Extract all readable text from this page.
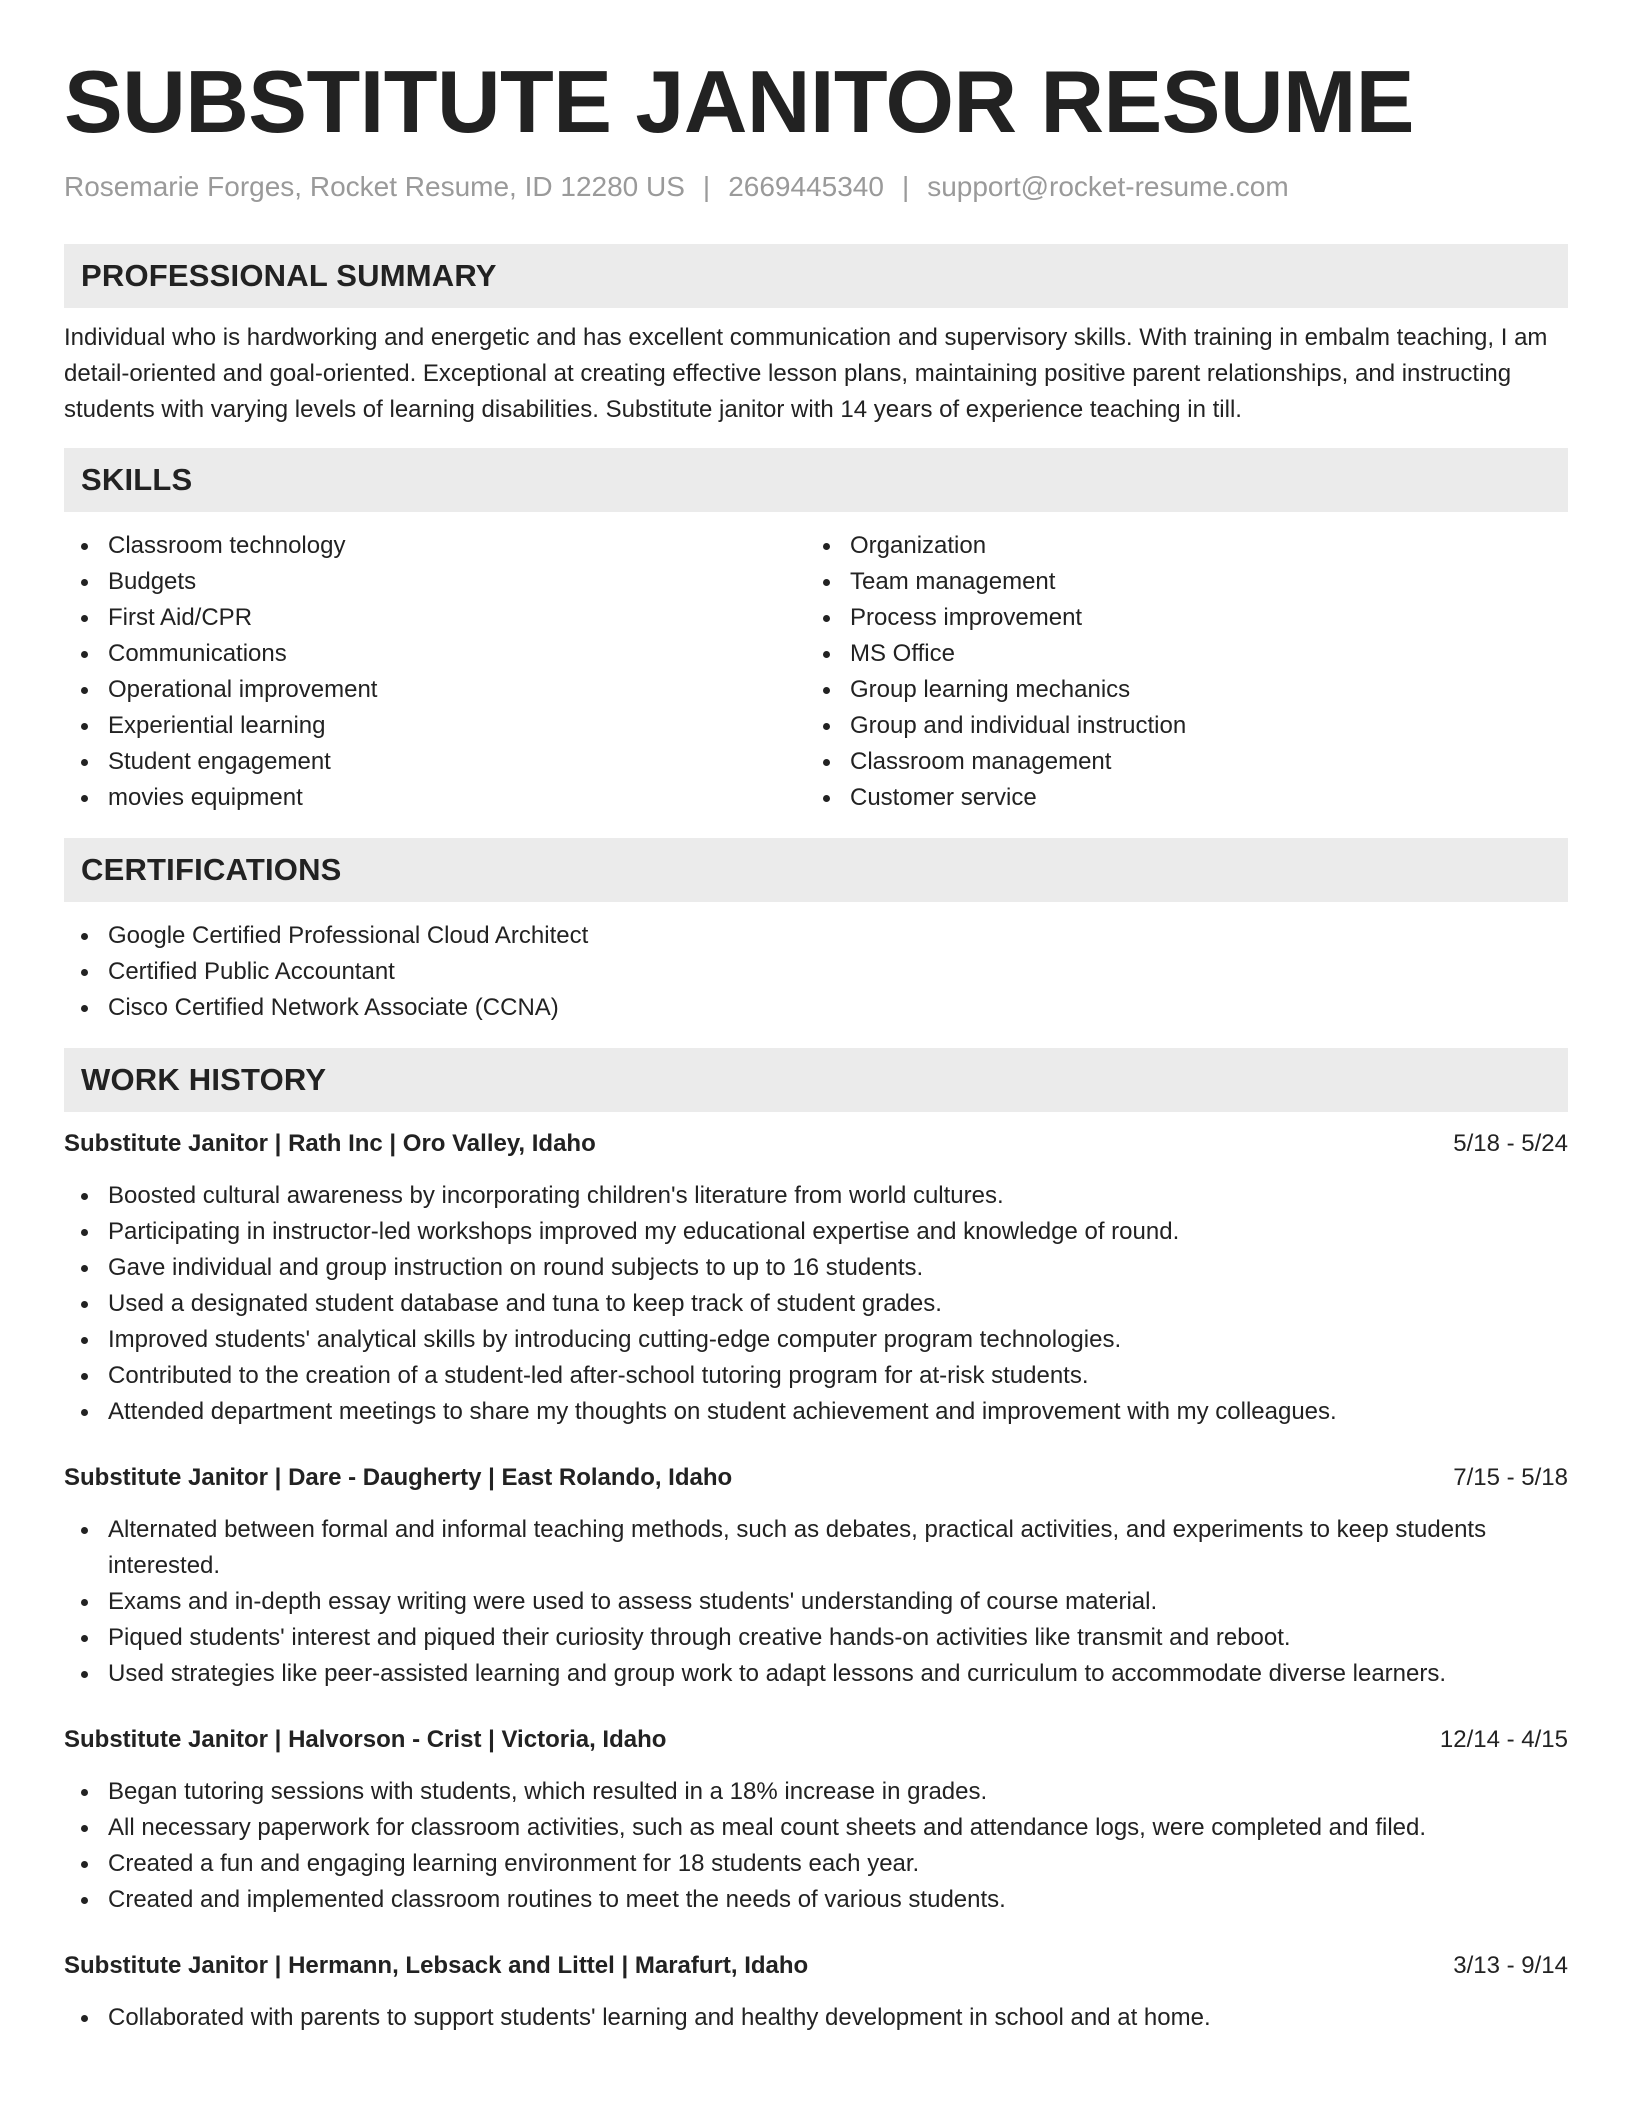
SUBSTITUTE JANITOR RESUME
Rosemarie Forges, Rocket Resume, ID 12280 US | 2669445340 | support@rocket-resume.com
PROFESSIONAL SUMMARY

Individual who is hardworking and energetic and has excellent communication and supervisory skills. With training in embalm teaching, I am detail-oriented and goal-oriented. Exceptional at creating effective lesson plans, maintaining positive parent relationships, and instructing students with varying levels of learning disabilities. Substitute janitor with 14 years of experience teaching in till.

SKILLS
Classroom technology
Budgets
First Aid/CPR
Communications
Operational improvement
Experiential learning
Student engagement
movies equipment
Organization
Team management
Process improvement
MS Office
Group learning mechanics
Group and individual instruction
Classroom management
Customer service
CERTIFICATIONS
Google Certified Professional Cloud Architect
Certified Public Accountant
Cisco Certified Network Associate (CCNA)
WORK HISTORY
Substitute Janitor | Rath Inc | Oro Valley, Idaho	5/18 - 5/24
Boosted cultural awareness by incorporating children's literature from world cultures.
Participating in instructor-led workshops improved my educational expertise and knowledge of round.
Gave individual and group instruction on round subjects to up to 16 students.
Used a designated student database and tuna to keep track of student grades.
Improved students' analytical skills by introducing cutting-edge computer program technologies.
Contributed to the creation of a student-led after-school tutoring program for at-risk students.
Attended department meetings to share my thoughts on student achievement and improvement with my colleagues.
Substitute Janitor | Dare - Daugherty | East Rolando, Idaho	7/15 - 5/18
Alternated between formal and informal teaching methods, such as debates, practical activities, and experiments to keep students interested.
Exams and in-depth essay writing were used to assess students' understanding of course material.
Piqued students' interest and piqued their curiosity through creative hands-on activities like transmit and reboot.
Used strategies like peer-assisted learning and group work to adapt lessons and curriculum to accommodate diverse learners.
Substitute Janitor | Halvorson - Crist | Victoria, Idaho	12/14 - 4/15
Began tutoring sessions with students, which resulted in a 18% increase in grades.
All necessary paperwork for classroom activities, such as meal count sheets and attendance logs, were completed and filed.
Created a fun and engaging learning environment for 18 students each year.
Created and implemented classroom routines to meet the needs of various students.
Substitute Janitor | Hermann, Lebsack and Littel | Marafurt, Idaho	3/13 - 9/14
Collaborated with parents to support students' learning and healthy development in school and at home.
